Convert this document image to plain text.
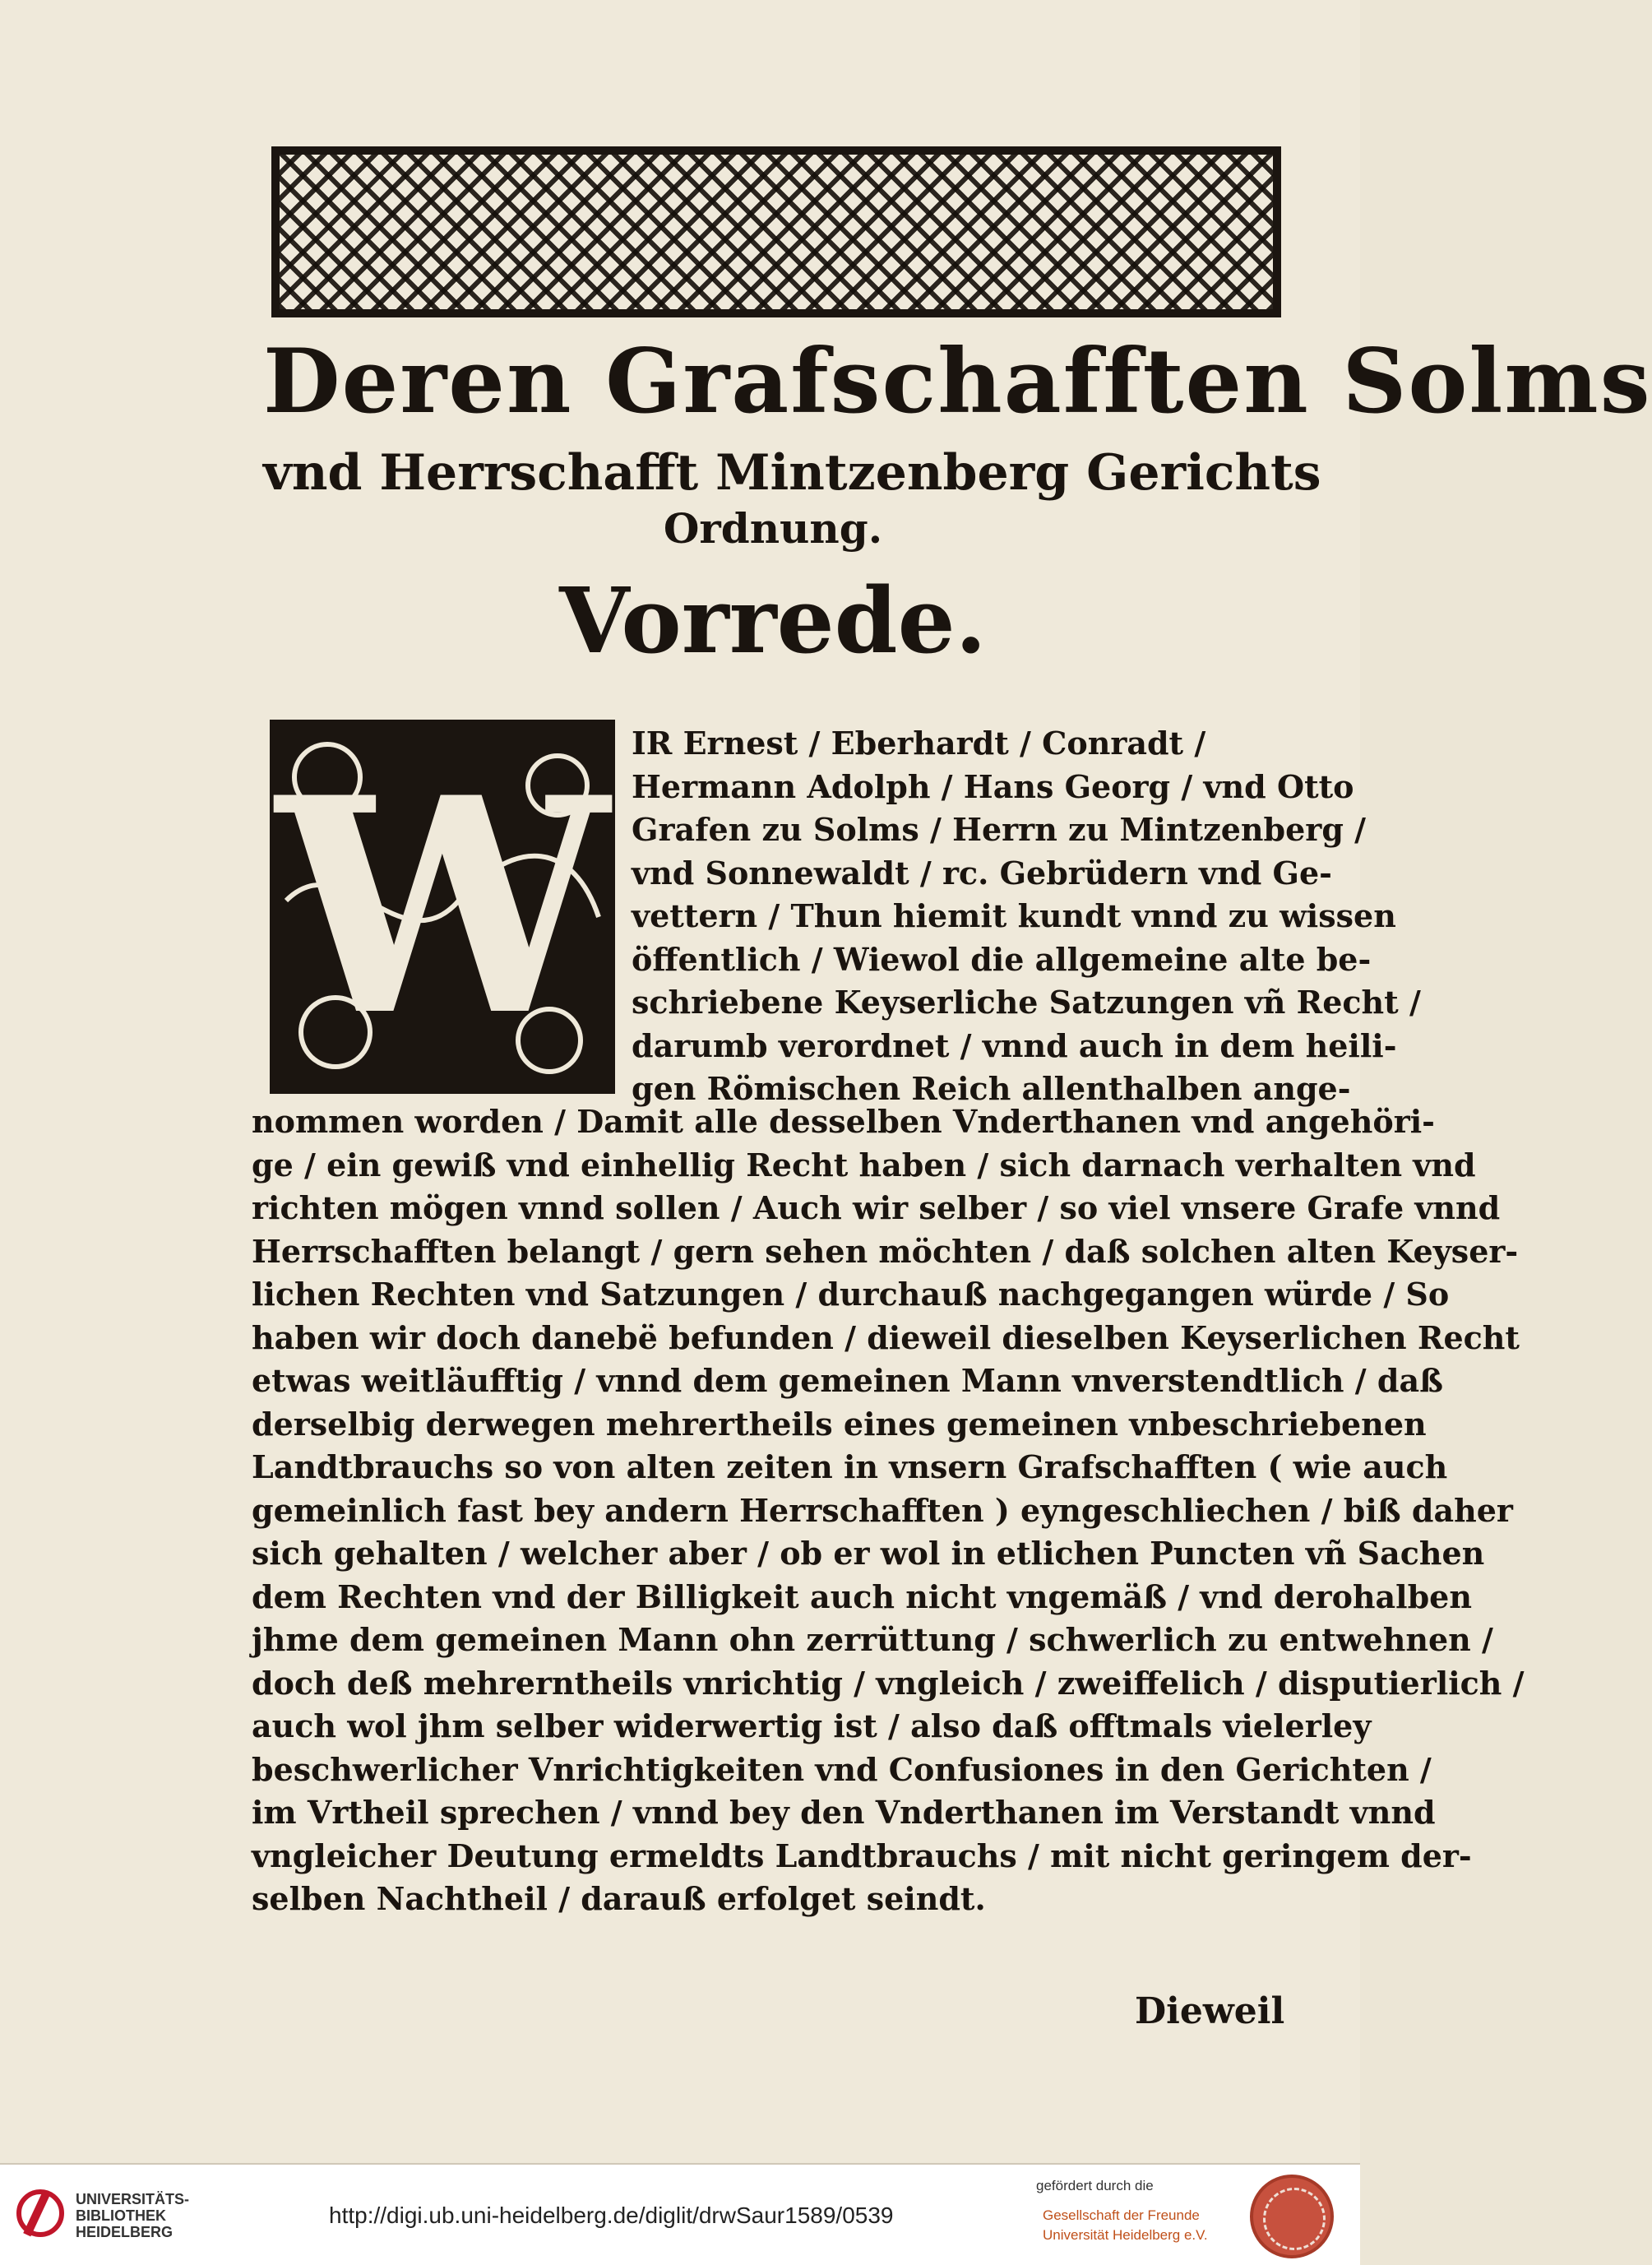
Deren Grafschafften Solms
vnd Herrschafft Mintzenberg Gerichts
Ordnung.
Vorrede.
W IR Ernest / Eberhardt / Conradt /
Hermann Adolph / Hans Georg / vnd Otto
Grafen zu Solms / Herrn zu Mintzenberg /
vnd Sonnewaldt / rc. Gebrüdern vnd Ge-
vettern / Thun hiemit kundt vnnd zu wissen
öffentlich / Wiewol die allgemeine alte be-
schriebene Keyserliche Satzungen vñ Recht /
darumb verordnet / vnnd auch in dem heili-
gen Römischen Reich allenthalben ange-
nommen worden / Damit alle desselben Vnderthanen vnd angehöri-
ge / ein gewiß vnd einhellig Recht haben / sich darnach verhalten vnd
richten mögen vnnd sollen / Auch wir selber / so viel vnsere Grafe vnnd
Herrschafften belangt / gern sehen möchten / daß solchen alten Keyser-
lichen Rechten vnd Satzungen / durchauß nachgegangen würde / So
haben wir doch danebë befunden / dieweil dieselben Keyserlichen Recht
etwas weitläufftig / vnnd dem gemeinen Mann vnverstendtlich / daß
derselbig derwegen mehrertheils eines gemeinen vnbeschriebenen
Landtbrauchs so von alten zeiten in vnsern Grafschafften ( wie auch
gemeinlich fast bey andern Herrschafften ) eyngeschliechen / biß daher
sich gehalten / welcher aber / ob er wol in etlichen Puncten vñ Sachen
dem Rechten vnd der Billigkeit auch nicht vngemäß / vnd derohalben
jhme dem gemeinen Mann ohn zerrüttung / schwerlich zu entwehnen /
doch deß mehrerntheils vnrichtig / vngleich / zweiffelich / disputierlich /
auch wol jhm selber widerwertig ist / also daß offtmals vielerley
beschwerlicher Vnrichtigkeiten vnd Confusiones in den Gerichten /
im Vrtheil sprechen / vnnd bey den Vnderthanen im Verstandt vnnd
vngleicher Deutung ermeldts Landtbrauchs / mit nicht geringem der-
selben Nachtheil / darauß erfolget seindt.
Dieweil
UNIVERSITÄTS-
BIBLIOTHEK
HEIDELBERG
http://digi.ub.uni-heidelberg.de/diglit/drwSaur1589/0539
gefördert durch die
Gesellschaft der Freunde
Universität Heidelberg e.V.
